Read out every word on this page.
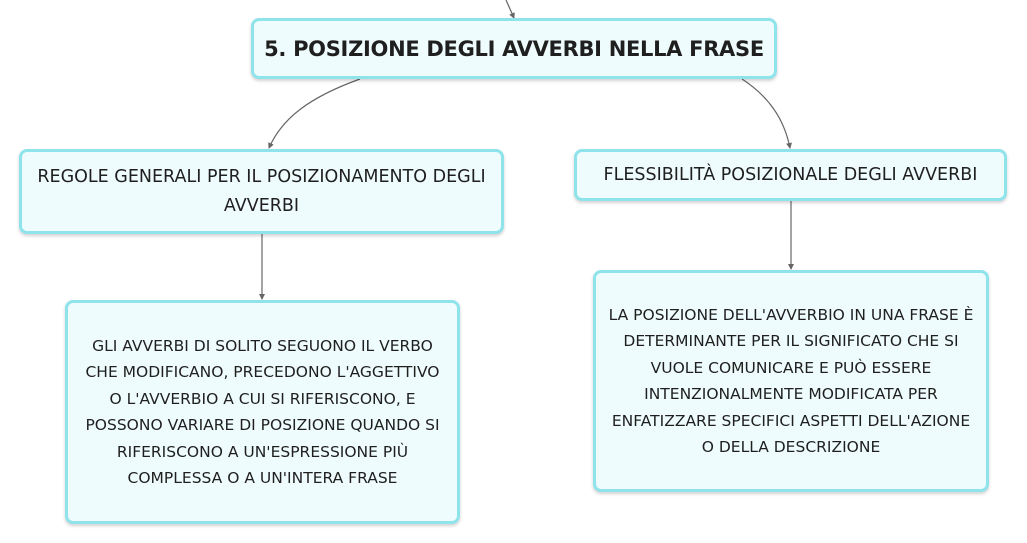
5. POSIZIONE DEGLI AVVERBI NELLA FRASE
REGOLE GENERALI PER IL POSIZIONAMENTO DEGLI AVVERBI
FLESSIBILITÀ POSIZIONALE DEGLI AVVERBI
GLI AVVERBI DI SOLITO SEGUONO IL VERBO CHE MODIFICANO, PRECEDONO L'AGGETTIVO O L'AVVERBIO A CUI SI RIFERISCONO, E POSSONO VARIARE DI POSIZIONE QUANDO SI RIFERISCONO A UN'ESPRESSIONE PIÙ COMPLESSA O A UN'INTERA FRASE
LA POSIZIONE DELL'AVVERBIO IN UNA FRASE È DETERMINANTE PER IL SIGNIFICATO CHE SI VUOLE COMUNICARE E PUÒ ESSERE INTENZIONALMENTE MODIFICATA PER ENFATIZZARE SPECIFICI ASPETTI DELL'AZIONE O DELLA DESCRIZIONE
